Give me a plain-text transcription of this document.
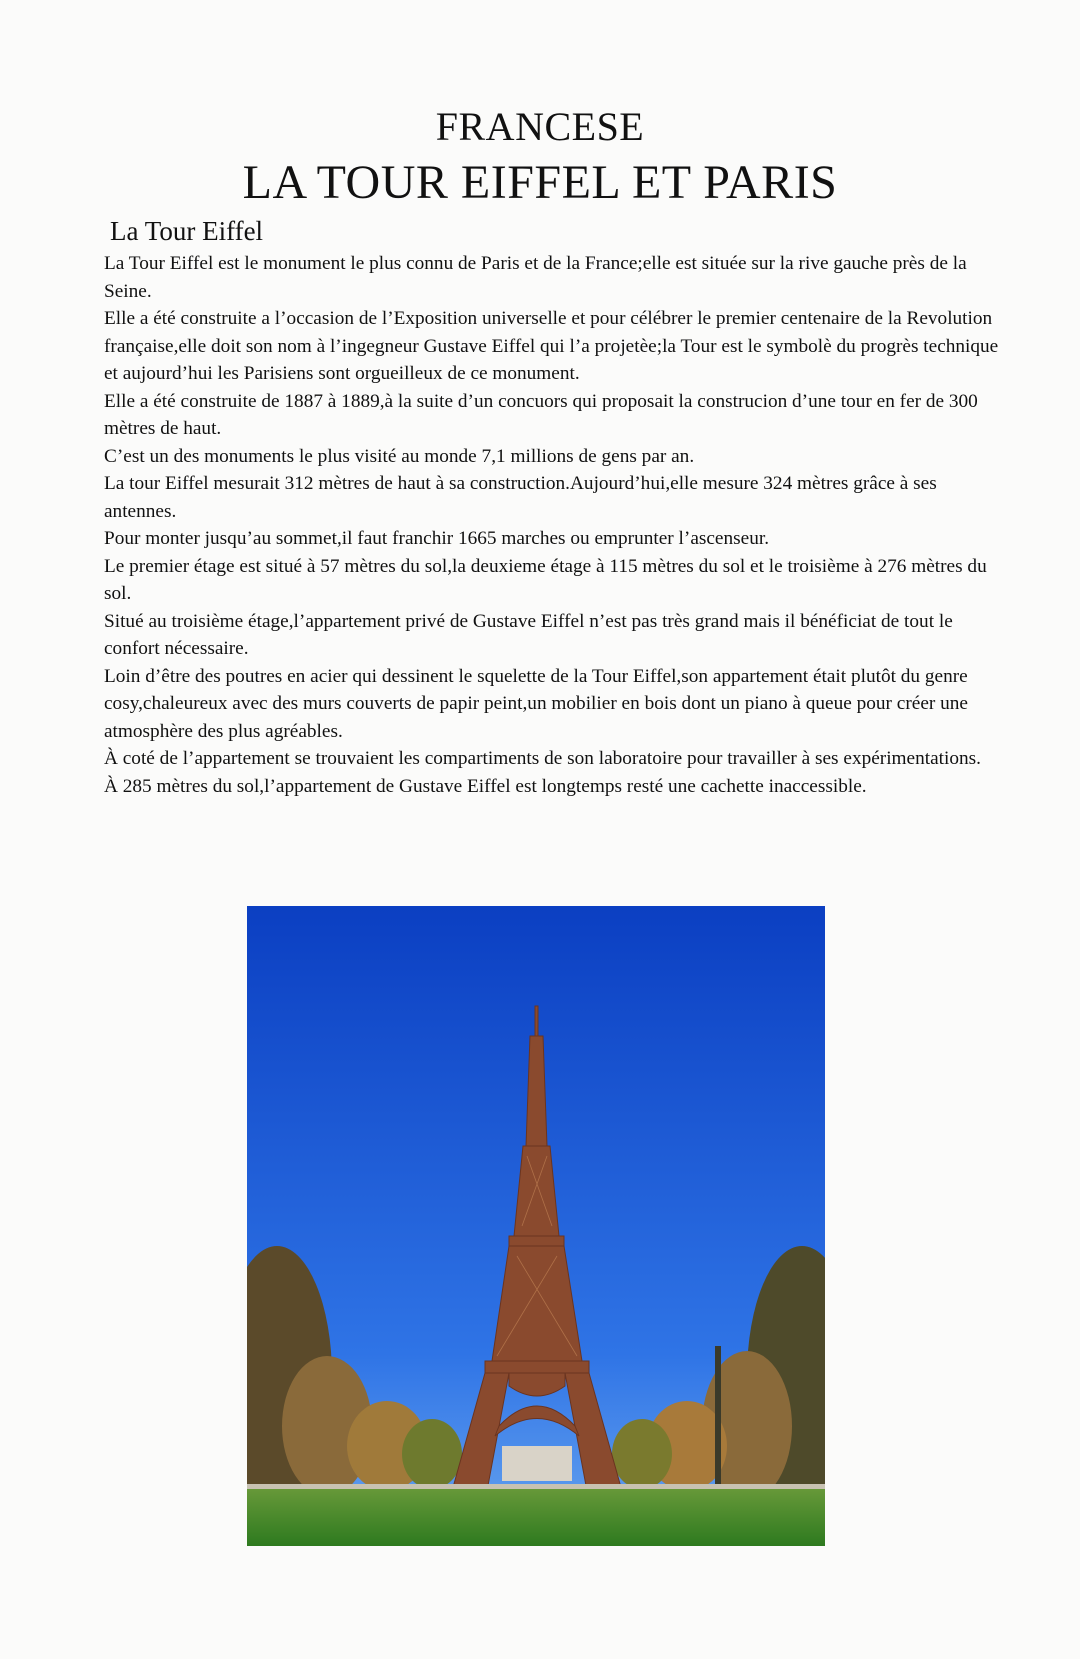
FRANCESE
LA TOUR EIFFEL ET PARIS
La Tour Eiffel

La Tour Eiffel est le monument le plus connu de Paris et de la France;elle est située sur la rive gauche près de la Seine.

Elle a été construite a l’occasion de l’Exposition universelle et pour célébrer le premier centenaire de la Revolution française,elle doit son nom à l’ingegneur Gustave Eiffel qui l’a projetèe;la Tour est le symbolè du progrès technique et aujourd’hui les Parisiens sont orgueilleux de ce monument.

Elle a été construite de 1887 à 1889,à la suite d’un concuors qui proposait la construcion d’une tour en fer de 300 mètres de haut.

C’est un des monuments le plus visité au monde 7,1 millions de gens par an.

La tour Eiffel mesurait 312 mètres de haut à sa construction.Aujourd’hui,elle mesure 324 mètres grâce à ses antennes.

Pour monter jusqu’au sommet,il faut franchir 1665 marches ou emprunter l’ascenseur.

Le premier étage est situé à 57 mètres du sol,la deuxieme étage à 115 mètres du sol et le troisième à 276 mètres du sol.

Situé au troisième étage,l’appartement privé de Gustave Eiffel n’est pas très grand mais il bénéficiat de tout le confort nécessaire.

Loin d’être des poutres en acier qui dessinent le squelette de la Tour Eiffel,son appartement était plutôt du genre cosy,chaleureux avec des murs couverts de papir peint,un mobilier en bois dont un piano à queue pour créer une atmosphère des plus agréables.

À coté de l’appartement se trouvaient les compartiments de son laboratoire pour travailler à ses expérimentations.

À 285 mètres du sol,l’appartement de Gustave Eiffel est longtemps resté une cachette inaccessible.
